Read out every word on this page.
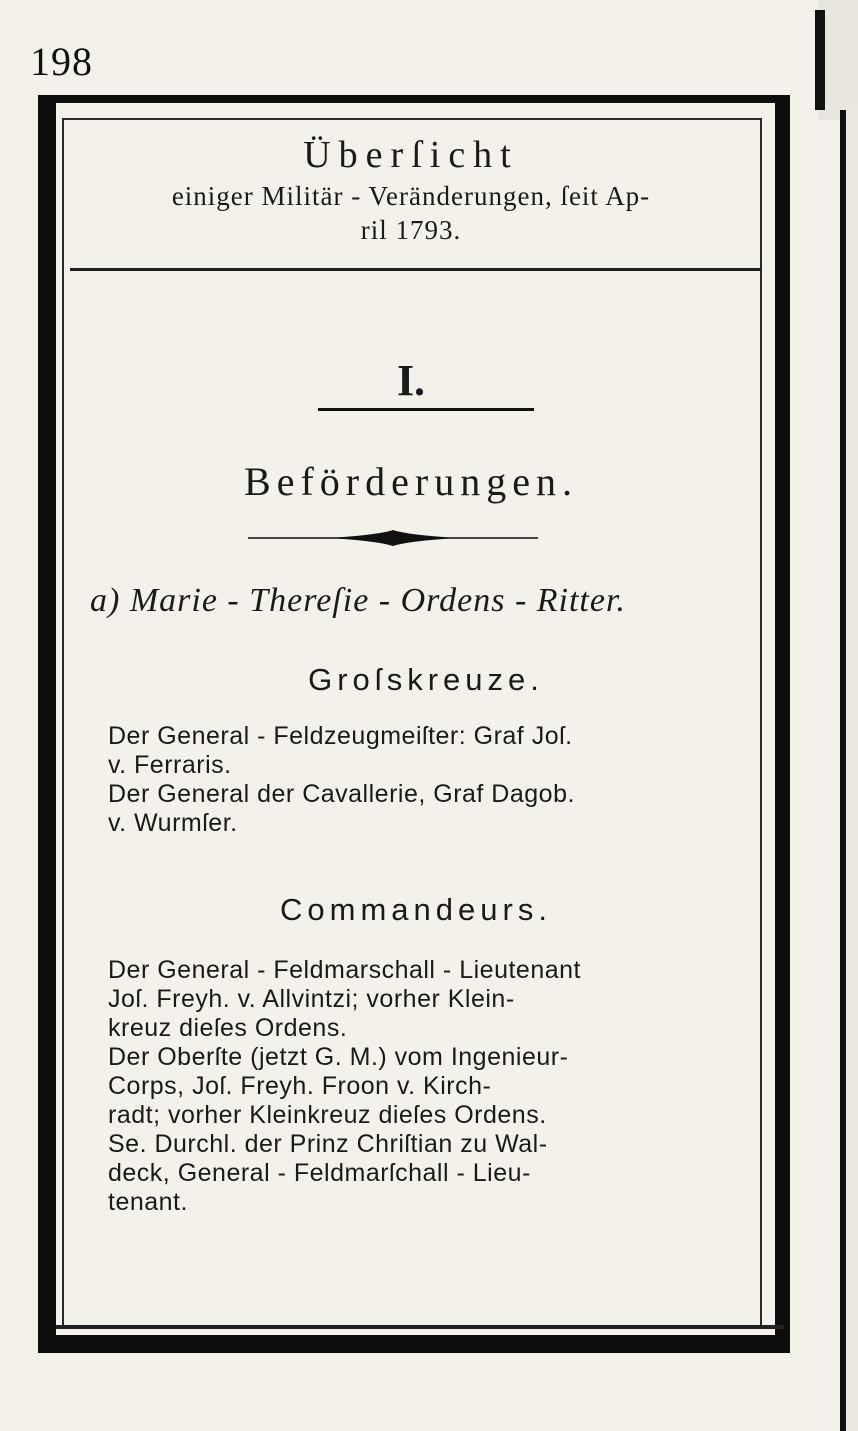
198
Überſicht
einiger Militär - Veränderungen, ſeit Ap-
ril 1793.
I.
Beförderungen.
a) Marie - Thereſie - Ordens - Ritter.
Groſskreuze.

Der General - Feldzeugmeiſter: Graf Joſ.
v. Ferraris.

Der General der Cavallerie, Graf Dagob.
v. Wurmſer.

Commandeurs.

Der General - Feldmarschall - Lieutenant
Joſ. Freyh. v. Allvintzi; vorher Klein-
kreuz dieſes Ordens.

Der Oberſte (jetzt G. M.) vom Ingenieur-
Corps, Joſ. Freyh. Froon v. Kirch-
radt; vorher Kleinkreuz dieſes Ordens.

Se. Durchl. der Prinz Chriſtian zu Wal-
deck, General - Feldmarſchall - Lieu-
tenant.
